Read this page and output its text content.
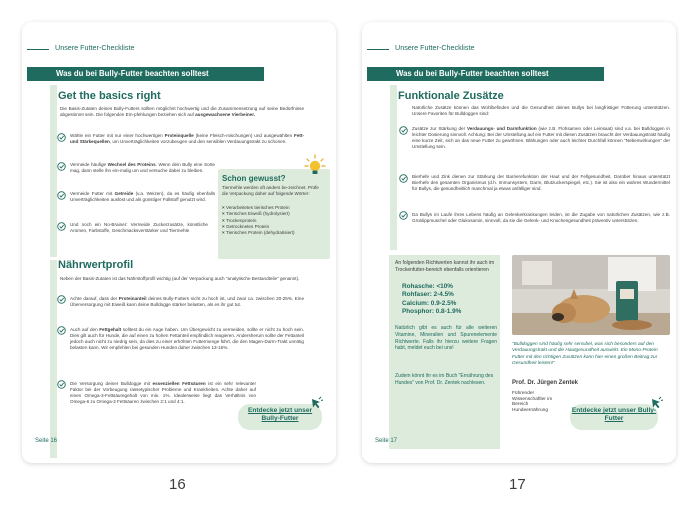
Unsere Futter-Checkliste
Was du bei Bully-Futter beachten solltest
Get the basics right
Die Basis-Zutaten deines Bully-Futters sollten möglichst hochwertig und die Zusammensetzung auf seine Bedürfnisse abgestimmt sein. Die folgenden Em-pfehlungen beziehen sich auf ausgewachsene Vierbeiner.
Wähle ein Futter mit nur einer hochwertigen Proteinquelle (keine Fleisch-mischungen) und ausgewählten Fett- und Stärkequellen, um Unverträglichkeiten vorzubeugen und den sensiblen Verdauungstrakt zu schonen.
Vermeide häufige Wechsel des Proteins. Wenn dein Bully eine Sorte mag, dann stelle ihn ein-malig um und versuche dabei zu bleiben.
Vermeide Futter mit Getreide (v.a. Weizen), da es häufig ebenfalls Unverträglichkeiten auslöst und als günstiger Füllstoff genutzt wird.
Und noch ein No-Brainer: Vermeide Zuckerzusätze, künstliche Aromen, Farbstoffe, Geschmacksverstärker und Tiermehle
Schon gewusst?
Tiermehle werden oft anders be-zeichnet. Prüfe die Verpackung daher auf folgende Wörter:
× Verarbeitetes tierisches Protein
× Tierisches Eiweiß (hydrolysiert)
× Trockenprotein
× Getrocknetes Protein
× Tierisches Protein (dehydratisiert)
Nährwertprofil
Neben der Basis-Zutaten ist das Nährstoffprofil wichtig (auf der Verpackung auch "analytische Bestandteile" genannt).
Achte darauf, dass der Proteinanteil deines Bully-Futters nicht zu hoch ist, und zwar ca. zwischen 20-25%. Eine Überversorgung mit Eiweiß kann deine Bulldogge stärker belasten, als es ihr gut tut.
Auch auf den Fettgehalt solltest du ein Auge haben. Um Übergewicht zu vermeiden, sollte er nicht zu hoch sein. Dies gilt auch für Hunde, die auf einen zu hohen Fettanteil empfindlich reagieren. Andersherum sollte der Fettanteil jedoch auch nicht zu niedrig sein, da dies zu einer erhöhten Futtermenge führt, die den Magen-Darm-Trakt unnötig belasten kann. Wir empfehlen bei gesunden Hunden daher zwischen 13-16%.
Die Versorgung deiner Bulldogge mit essenziellen Fettsäuren ist ein sehr relevanter Faktor bei der Vorbeugung rassetypischer Probleme und Krankheiten. Achte daher auf einen Omega-3-Fettsäuregehalt von min. 1%. Idealerweise liegt das Verhältnis von Omega-6 zu Omega-3 Fettsäuren zwischen 2:1 und 4:1.
Entdecke jetzt unser Bully-Futter
Seite 16
Unsere Futter-Checkliste
Was du bei Bully-Futter beachten solltest
Funktionale Zusätze
Natürliche Zusätze können das Wohlbefinden und die Gesundheit deines Bullys bei langfristiger Fütterung unterstützen. Unsere Favoriten für Bulldoggen sind:
Zusätze zur Stärkung der Verdauungs- und Darmfunktion (wie z.B. Flohsamen oder Leinsaat) sind v.a. bei Bulldoggen in leichter Dosierung sinnvoll. Achtung: Bei der Umstellung auf ein Futter mit diesen Zusätzen braucht der Verdauungstrakt häufig eine kurze Zeit, sich an das neue Futter zu gewöhnen. Blähungen oder auch leichter Durchfall können "Nebenwirkungen" der Umstellung sein.
Bierhefe und Zink dienen zur Stärkung der Barrierefunktion der Haut und der Fellgesundheit. Darüber hinaus unterstützt Bierhefe den gesamten Organismus (d.h. Immunsystem, Darm, Blutzuckerspiegel, etc.). Sie ist also ein wahres Wundermittel für Bullys, die gesundheitlich manchmal ja etwas anfälliger sind.
Da Bullys im Laufe ihres Lebens häufig an Gelenkerkrankungen leiden, ist die Zugabe von natürlichen Zusätzen, wie z.B. Grünlippmuschel oder Glukosamin, sinnvoll, da sie die Gelenk- und Knochengesundheit präventiv unterstützen.
An folgenden Richtwerten kannst ihr auch im Trockenfutter-bereich ebenfalls orientieren
Rohasche: <10%
Rohfaser: 2-4.5%
Calcium: 0.9-2.5%
Phosphor: 0.8-1.9%
Natürlich gibt es auch für alle weiteren Vitamine, Mineralien und Spurenelemente Richtwerte. Falls ihr hierzu weitere Fragen habt, meldet euch bei uns!
Zudem könnt ihr es im Buch "Ernährung des Hundes" von Prof. Dr. Zentek nachlesen.
"Bulldoggen sind häufig sehr sensibel, was sich besonders auf den Verdauungstrakt und die Hautgesundheit auswirkt. Ein Mono-Protein Futter mit den richtigen Zusätzen kann hier einen großen Beitrag zur Gesundheit leisten!"
Prof. Dr. Jürgen Zentek
Führender Wissenschaftler im Bereich Hundeernährung	Entdecke jetzt unser Bully-Futter
Seite 17
16	17
